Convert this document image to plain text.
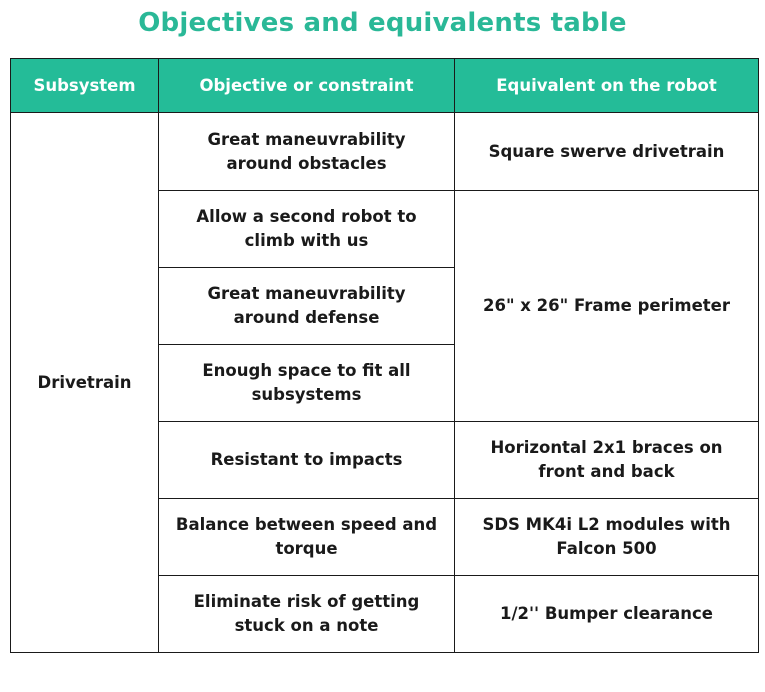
Objectives and equivalents table
Subsystem	Objective or constraint	Equivalent on the robot
Drivetrain	Great maneuvrability around obstacles	Square swerve drivetrain
	Allow a second robot to climb with us	26" x 26" Frame perimeter
	Great maneuvrability around defense	
	Enough space to fit all subsystems	
	Resistant to impacts	Horizontal 2x1 braces on front and back
	Balance between speed and torque	SDS MK4i L2 modules with Falcon 500
	Eliminate risk of getting stuck on a note	1/2'' Bumper clearance
